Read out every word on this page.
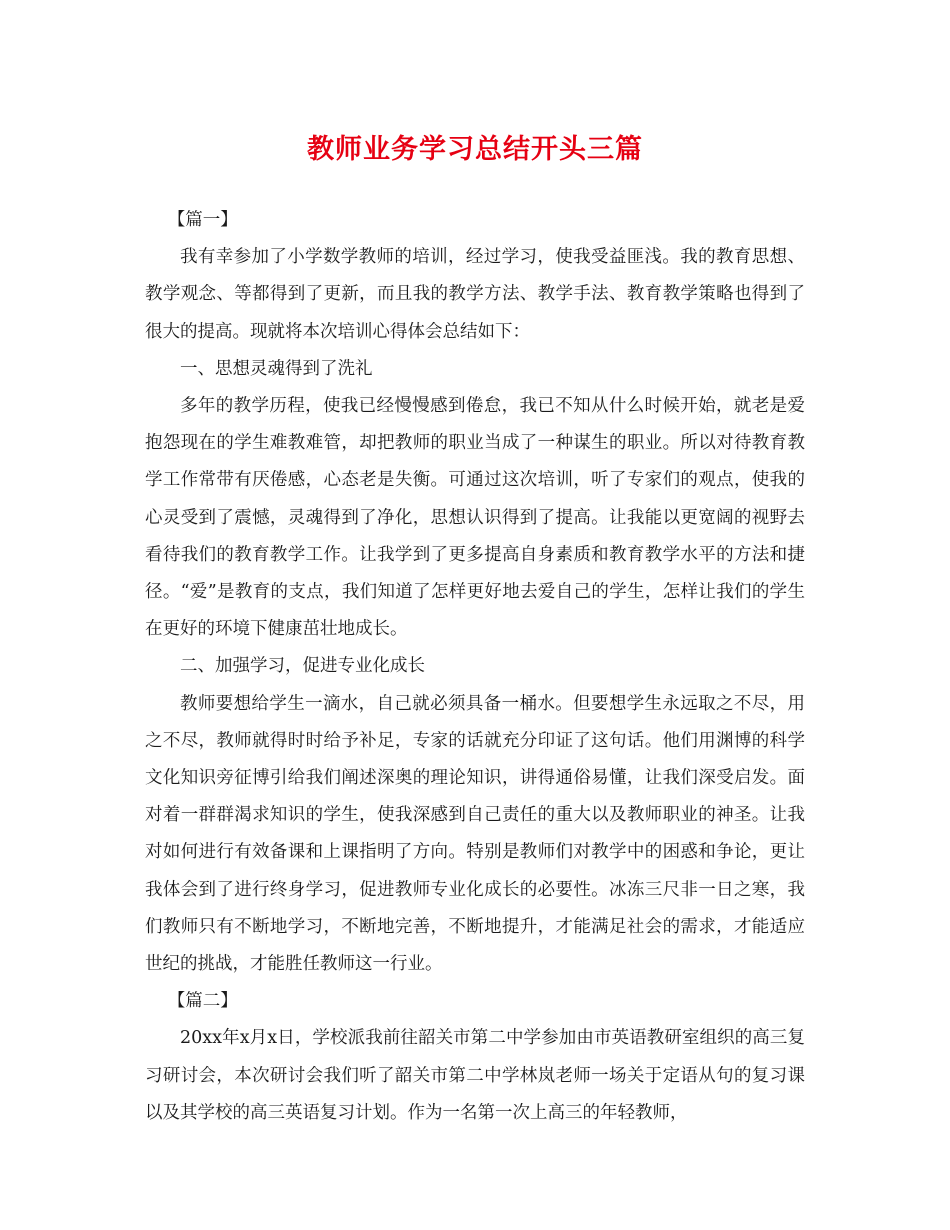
教师业务学习总结开头三篇

【篇一】

我有幸参加了小学数学教师的培训，经过学习，使我受益匪浅。我的教育思想、教学观念、等都得到了更新，而且我的教学方法、教学手法、教育教学策略也得到了很大的提高。现就将本次培训心得体会总结如下：

一、思想灵魂得到了洗礼

多年的教学历程，使我已经慢慢感到倦怠，我已不知从什么时候开始，就老是爱抱怨现在的学生难教难管，却把教师的职业当成了一种谋生的职业。所以对待教育教学工作常带有厌倦感，心态老是失衡。可通过这次培训，听了专家们的观点，使我的心灵受到了震憾，灵魂得到了净化，思想认识得到了提高。让我能以更宽阔的视野去看待我们的教育教学工作。让我学到了更多提高自身素质和教育教学水平的方法和捷径。“爱”是教育的支点，我们知道了怎样更好地去爱自己的学生，怎样让我们的学生在更好的环境下健康茁壮地成长。

二、加强学习，促进专业化成长

教师要想给学生一滴水，自己就必须具备一桶水。但要想学生永远取之不尽，用之不尽，教师就得时时给予补足，专家的话就充分印证了这句话。他们用渊博的科学文化知识旁征博引给我们阐述深奥的理论知识，讲得通俗易懂，让我们深受启发。面对着一群群渴求知识的学生，使我深感到自己责任的重大以及教师职业的神圣。让我对如何进行有效备课和上课指明了方向。特别是教师们对教学中的困惑和争论，更让我体会到了进行终身学习，促进教师专业化成长的必要性。冰冻三尺非一日之寒，我们教师只有不断地学习，不断地完善，不断地提升，才能满足社会的需求，才能适应世纪的挑战，才能胜任教师这一行业。

【篇二】

20xx年x月x日，学校派我前往韶关市第二中学参加由市英语教研室组织的高三复习研讨会，本次研讨会我们听了韶关市第二中学林岚老师一场关于定语从句的复习课以及其学校的高三英语复习计划。作为一名第一次上高三的年轻教师，
